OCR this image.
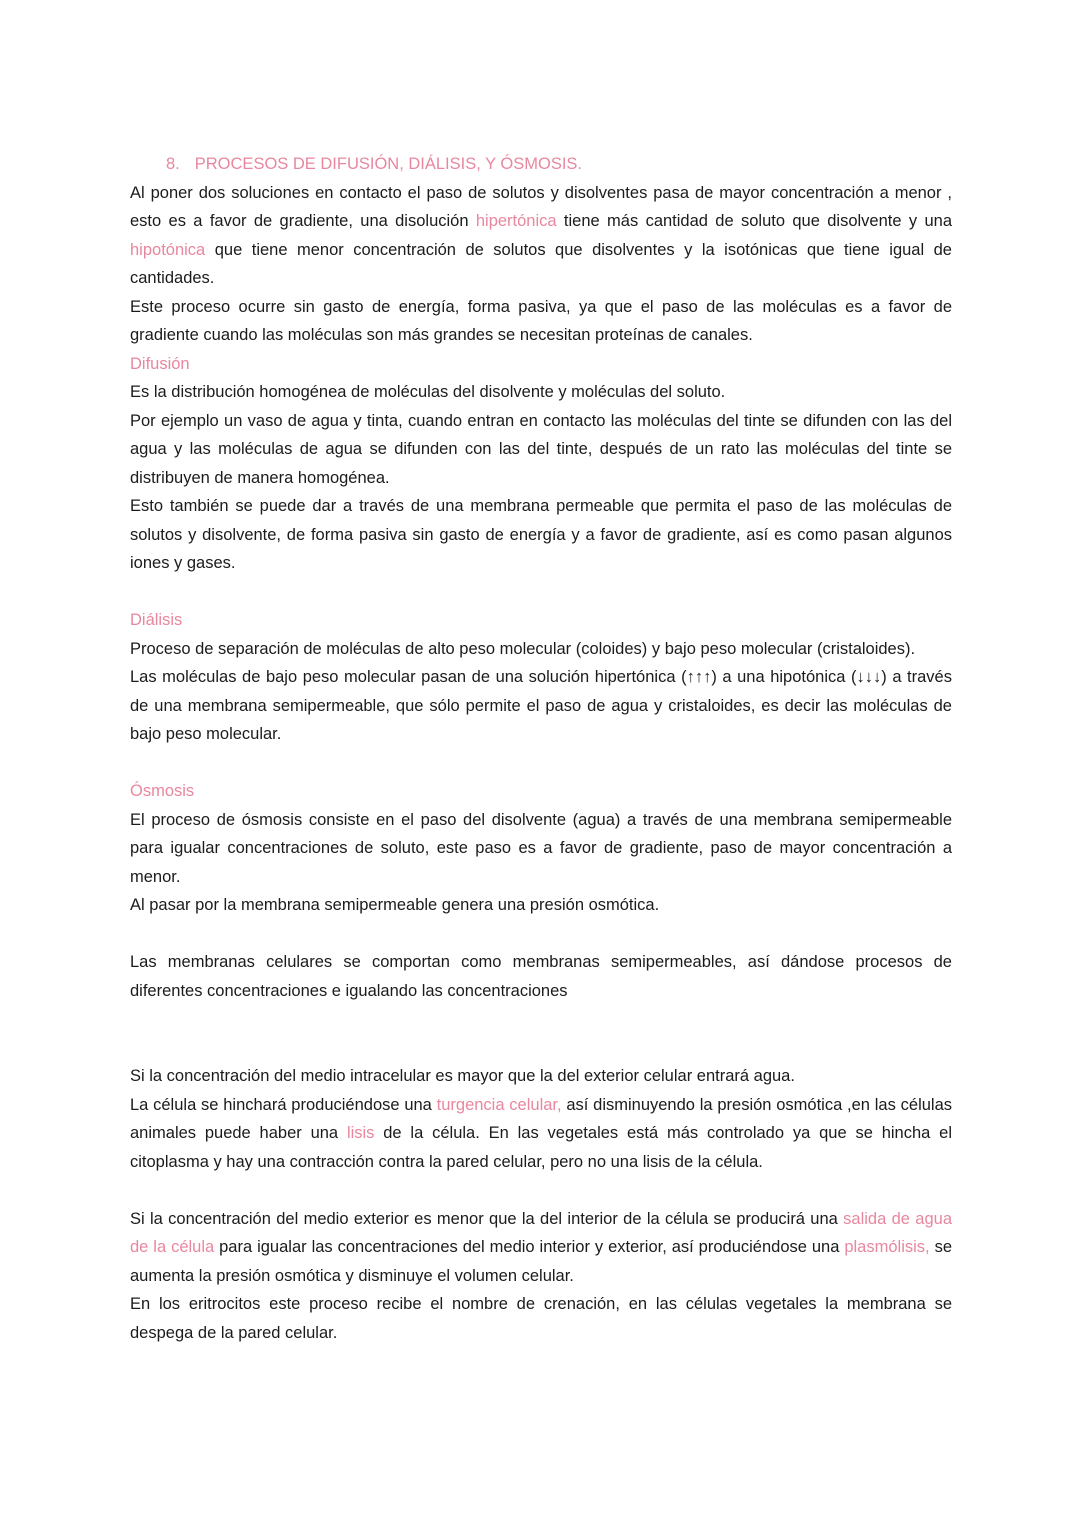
8. PROCESOS DE DIFUSIÓN, DIÁLISIS, Y ÓSMOSIS.

Al poner dos soluciones en contacto el paso de solutos y disolventes pasa de mayor concentración a menor , esto es a favor de gradiente, una disolución hipertónica tiene más cantidad de soluto que disolvente y una hipotónica que tiene menor concentración de solutos que disolventes y la isotónicas que tiene igual de cantidades.

Este proceso ocurre sin gasto de energía, forma pasiva, ya que el paso de las moléculas es a favor de gradiente cuando las moléculas son más grandes se necesitan proteínas de canales.

Difusión

Es la distribución homogénea de moléculas del disolvente y moléculas del soluto.

Por ejemplo un vaso de agua y tinta, cuando entran en contacto las moléculas del tinte se difunden con las del agua y las moléculas de agua se difunden con las del tinte, después de un rato las moléculas del tinte se distribuyen de manera homogénea.

Esto también se puede dar a través de una membrana permeable que permita el paso de las moléculas de solutos y disolvente, de forma pasiva sin gasto de energía y a favor de gradiente, así es como pasan algunos iones y gases.

Diálisis

Proceso de separación de moléculas de alto peso molecular (coloides) y bajo peso molecular (cristaloides).

Las moléculas de bajo peso molecular pasan de una solución hipertónica (↑↑↑) a una hipotónica (↓↓↓) a través de una membrana semipermeable, que sólo permite el paso de agua y cristaloides, es decir las moléculas de bajo peso molecular.

Ósmosis

El proceso de ósmosis consiste en el paso del disolvente (agua) a través de una membrana semipermeable para igualar concentraciones de soluto, este paso es a favor de gradiente, paso de mayor concentración a menor.

Al pasar por la membrana semipermeable genera una presión osmótica.

Las membranas celulares se comportan como membranas semipermeables, así dándose procesos de diferentes concentraciones e igualando las concentraciones

Si la concentración del medio intracelular es mayor que la del exterior celular entrará agua.

La célula se hinchará produciéndose una turgencia celular, así disminuyendo la presión osmótica ,en las células animales puede haber una lisis de la célula. En las vegetales está más controlado ya que se hincha el citoplasma y hay una contracción contra la pared celular, pero no una lisis de la célula.

Si la concentración del medio exterior es menor que la del interior de la célula se producirá una salida de agua de la célula para igualar las concentraciones del medio interior y exterior, así produciéndose una plasmólisis, se aumenta la presión osmótica y disminuye el volumen celular.

En los eritrocitos este proceso recibe el nombre de crenación, en las células vegetales la membrana se despega de la pared celular.
